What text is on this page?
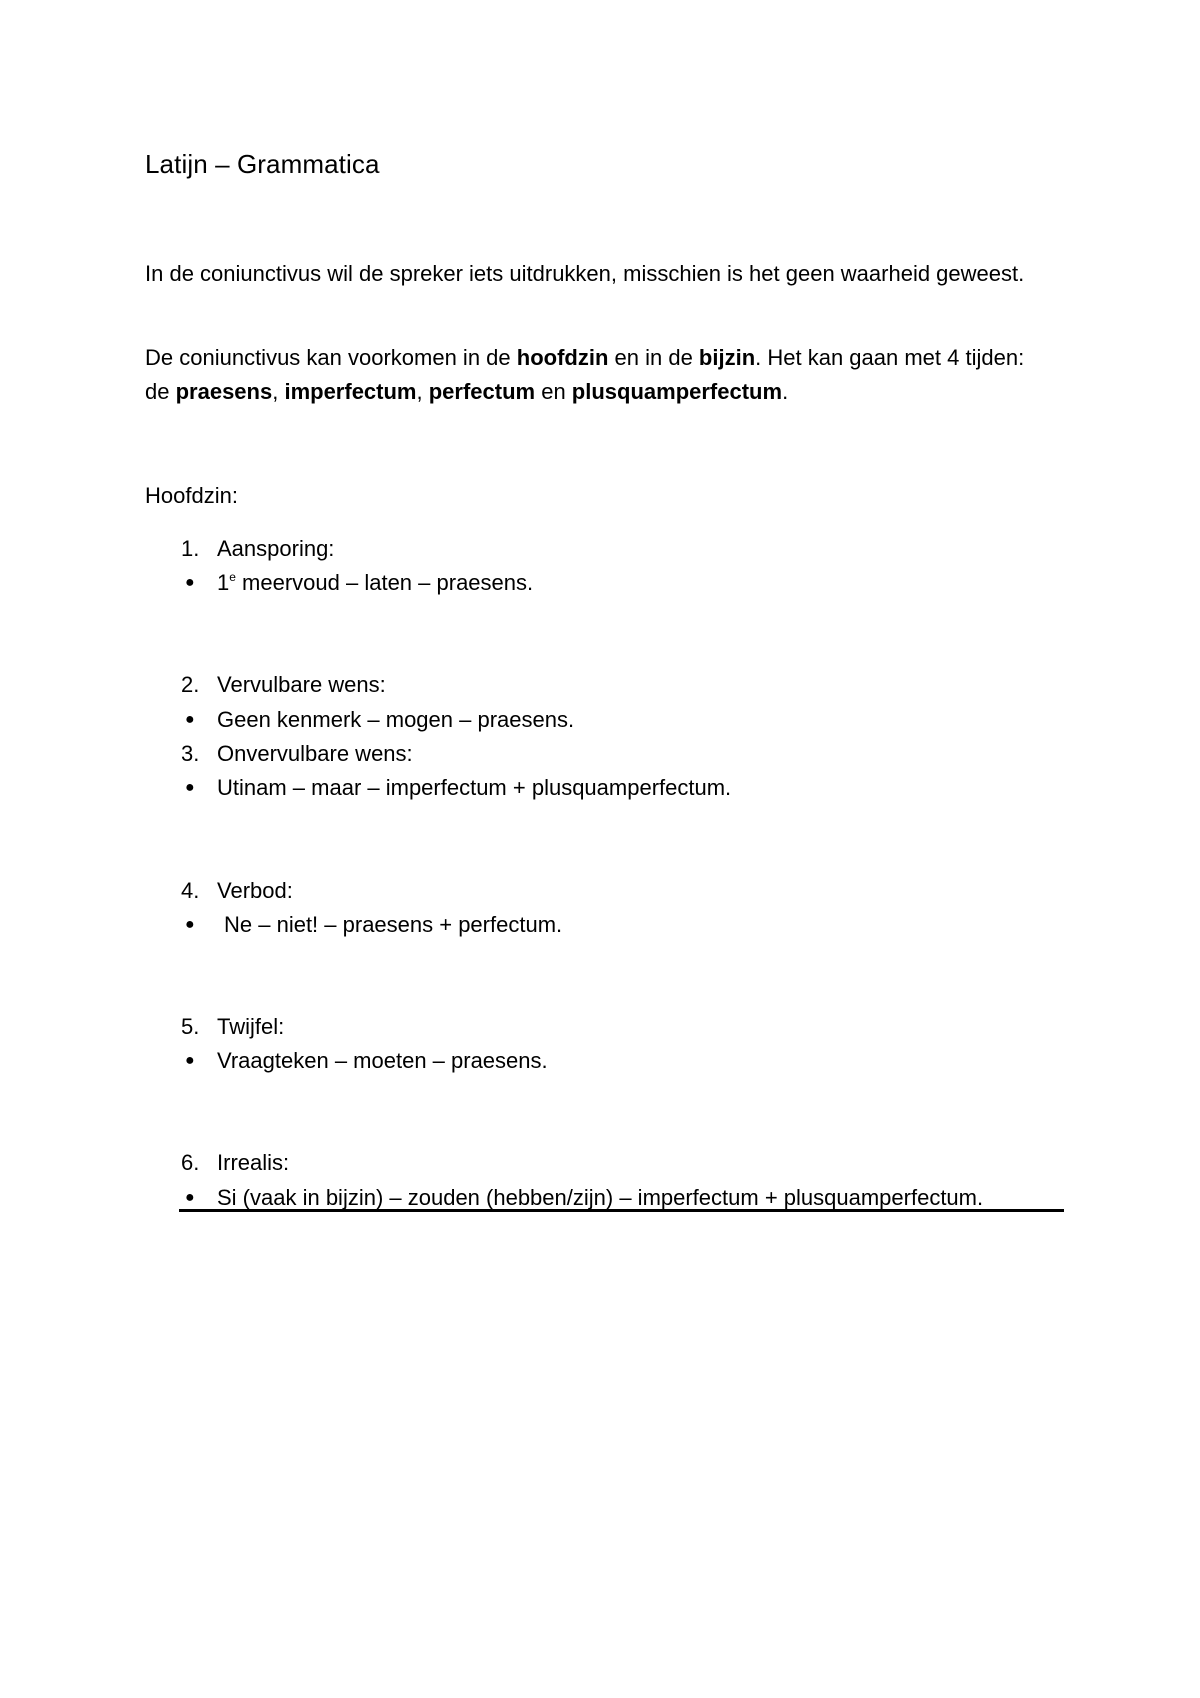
Latijn – Grammatica
In de coniunctivus wil de spreker iets uitdrukken, misschien is het geen waarheid geweest.
De coniunctivus kan voorkomen in de hoofdzin en in de bijzin. Het kan gaan met 4 tijden: de praesens, imperfectum, perfectum en plusquamperfectum.
Hoofdzin:
1. Aansporing:
● 1e meervoud – laten – praesens.
2. Vervulbare wens:
● Geen kenmerk – mogen – praesens.
3. Onvervulbare wens:
● Utinam – maar – imperfectum + plusquamperfectum.
4. Verbod:
● Ne – niet! – praesens + perfectum.
5. Twijfel:
● Vraagteken – moeten – praesens.
6. Irrealis:
● Si (vaak in bijzin) – zouden (hebben/zijn) – imperfectum + plusquamperfectum.
